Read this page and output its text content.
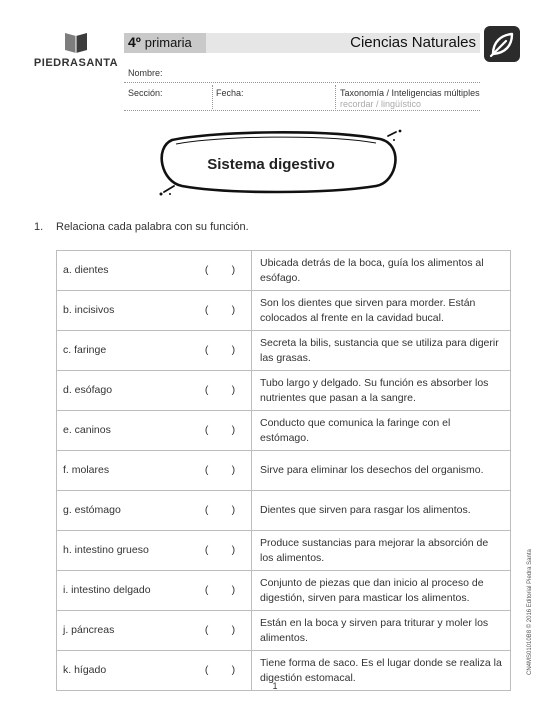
PIEDRASANTA
4º primaria	Ciencias Naturales
Nombre:
Sección:	Fecha:	Taxonomía / Inteligencias múltiples
recordar / lingüístico
Sistema digestivo
1. Relaciona cada palabra con su función.
a. dientes	(        )	Ubicada detrás de la boca, guía los alimentos al esófago.
b. incisivos	(        )	Son los dientes que sirven para morder. Están colocados al frente en la cavidad bucal.
c. faringe	(        )	Secreta la bilis, sustancia que se utiliza para digerir las grasas.
d. esófago	(        )	Tubo largo y delgado. Su función es absorber los nutrientes que pasan a la sangre.
e. caninos	(        )	Conducto que comunica la faringe con el estómago.
f. molares	(        )	Sirve para eliminar los desechos del organismo.
g. estómago	(        )	Dientes que sirven para rasgar los alimentos.
h. intestino grueso	(        )	Produce sustancias para mejorar la absorción de los alimentos.
i. intestino delgado	(        )	Conjunto de piezas que dan inicio al proceso de digestión, sirven para masticar los alimentos.
j. páncreas	(        )	Están en la boca y sirven para triturar y moler los alimentos.
k. hígado	(        )	Tiene forma de saco. Es el lugar donde se realiza la digestión estomacal.
1
CN4MS01010B8 © 2016 Editorial Piedra Santa
